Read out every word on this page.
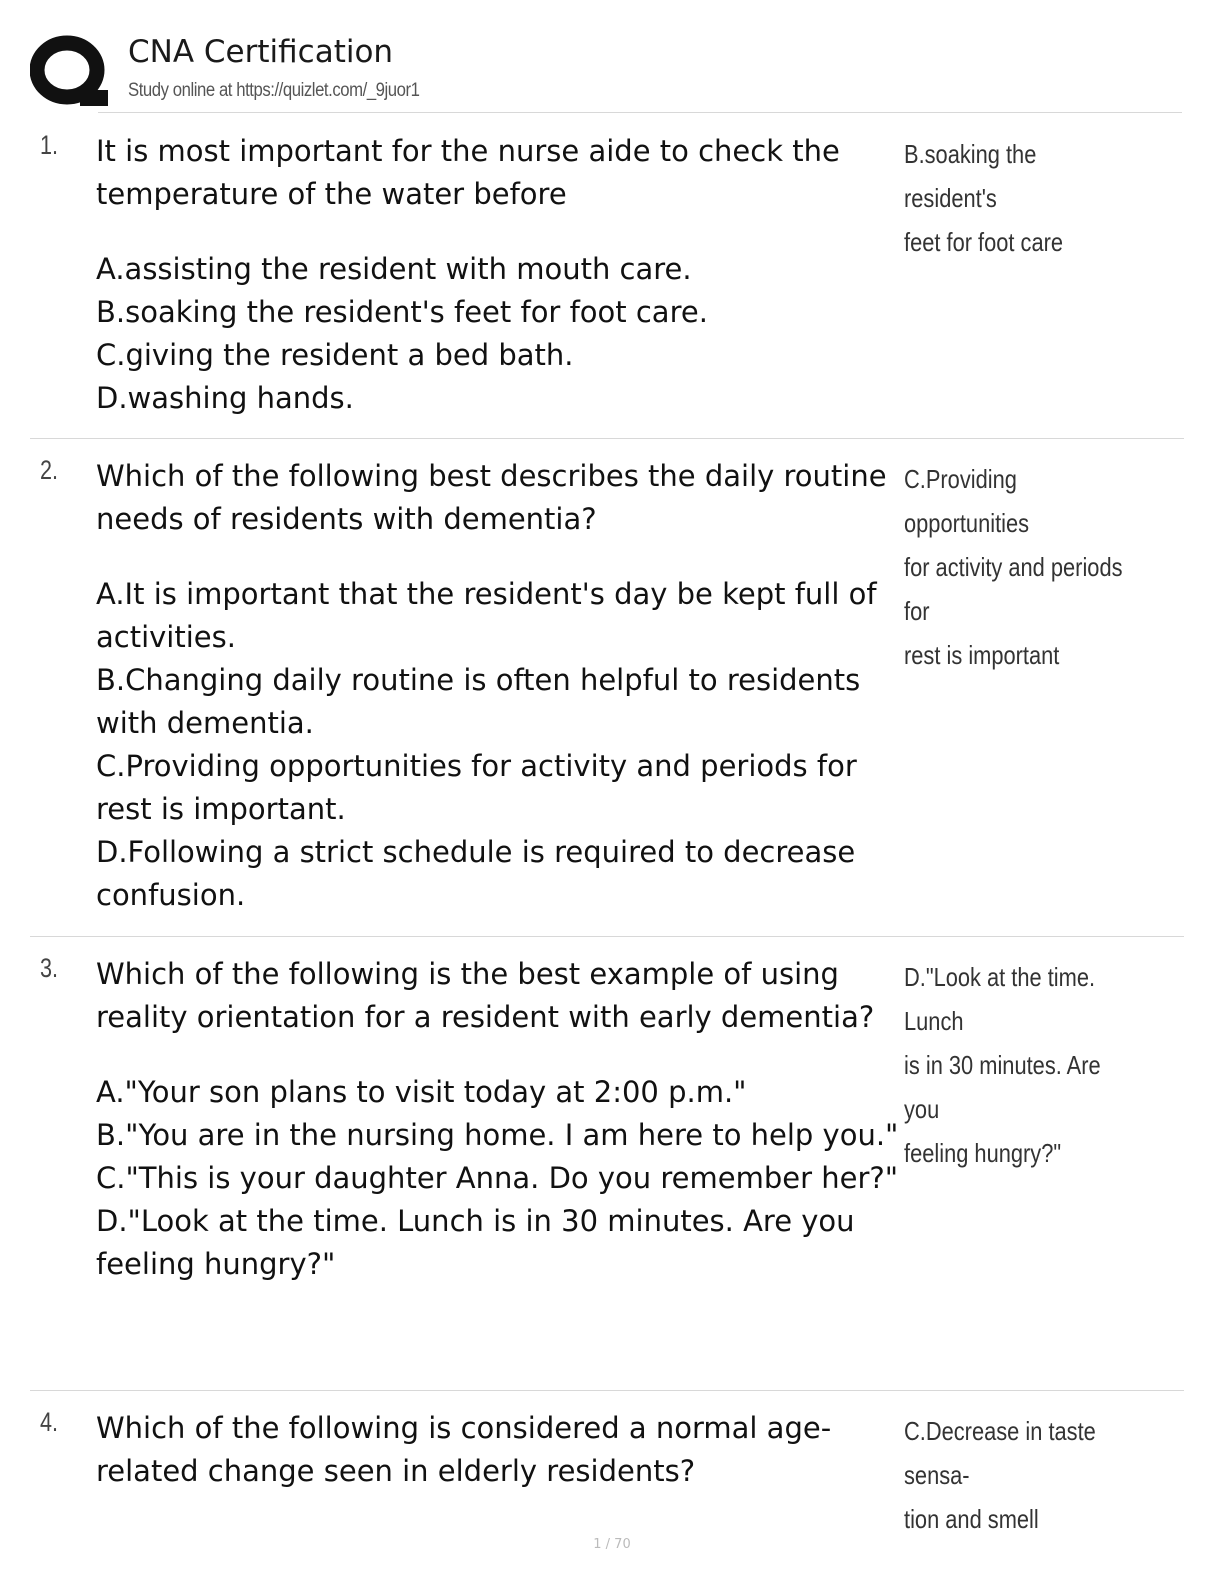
CNA Certification
Study online at https://quizlet.com/_9juor1
1. It is most important for the nurse aide to check the temperature of the water before
A.assisting the resident with mouth care.
B.soaking the resident's feet for foot care.
C.giving the resident a bed bath.
D.washing hands.
B.soaking the resident's
feet for foot care
2. Which of the following best describes the daily routine needs of residents with dementia?
A.It is important that the resident's day be kept full of activities.
B.Changing daily routine is often helpful to residents with dementia.
C.Providing opportunities for activity and periods for rest is important.
D.Following a strict schedule is required to decrease confusion.
C.Providing opportunities
for activity and periods for
rest is important
3. Which of the following is the best example of using reality orientation for a resident with early dementia?
A."Your son plans to visit today at 2:00 p.m."
B."You are in the nursing home. I am here to help you."
C."This is your daughter Anna. Do you remember her?"
D."Look at the time. Lunch is in 30 minutes. Are you feeling hungry?"
D."Look at the time. Lunch
is in 30 minutes. Are you
feeling hungry?"
4. Which of the following is considered a normal age-related change seen in elderly residents?
C.Decrease in taste sensa-
tion and smell
1 / 70
